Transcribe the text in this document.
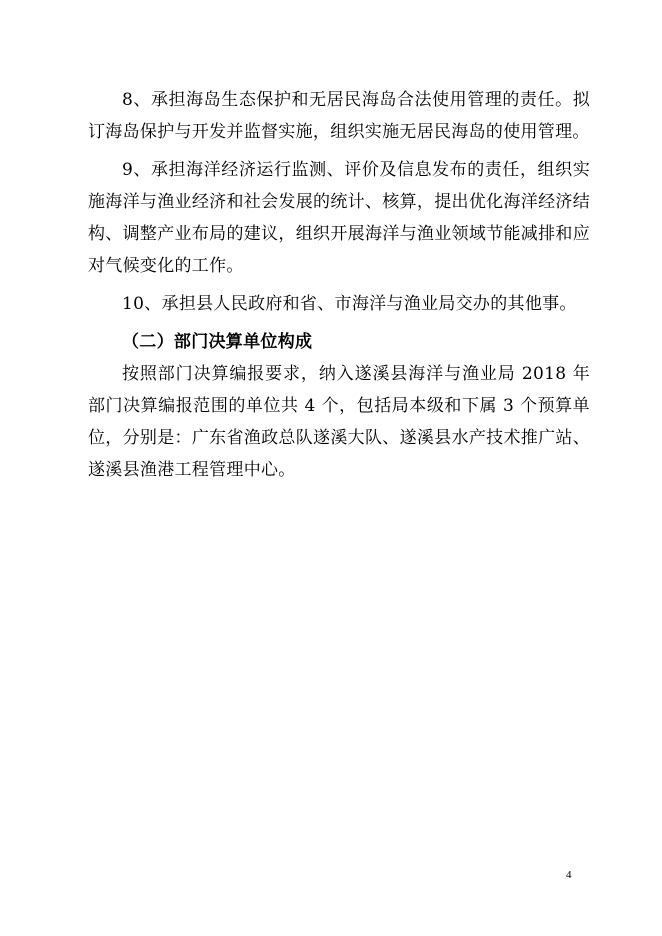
8、承担海岛生态保护和无居民海岛合法使用管理的责任。拟订海岛保护与开发并监督实施，组织实施无居民海岛的使用管理。

9、承担海洋经济运行监测、评价及信息发布的责任，组织实施海洋与渔业经济和社会发展的统计、核算，提出优化海洋经济结构、调整产业布局的建议，组织开展海洋与渔业领域节能减排和应对气候变化的工作。

10、承担县人民政府和省、市海洋与渔业局交办的其他事。

（二）部门决算单位构成

按照部门决算编报要求，纳入遂溪县海洋与渔业局 2018 年部门决算编报范围的单位共 4 个，包括局本级和下属 3 个预算单位，分别是：广东省渔政总队遂溪大队、遂溪县水产技术推广站、遂溪县渔港工程管理中心。

4
